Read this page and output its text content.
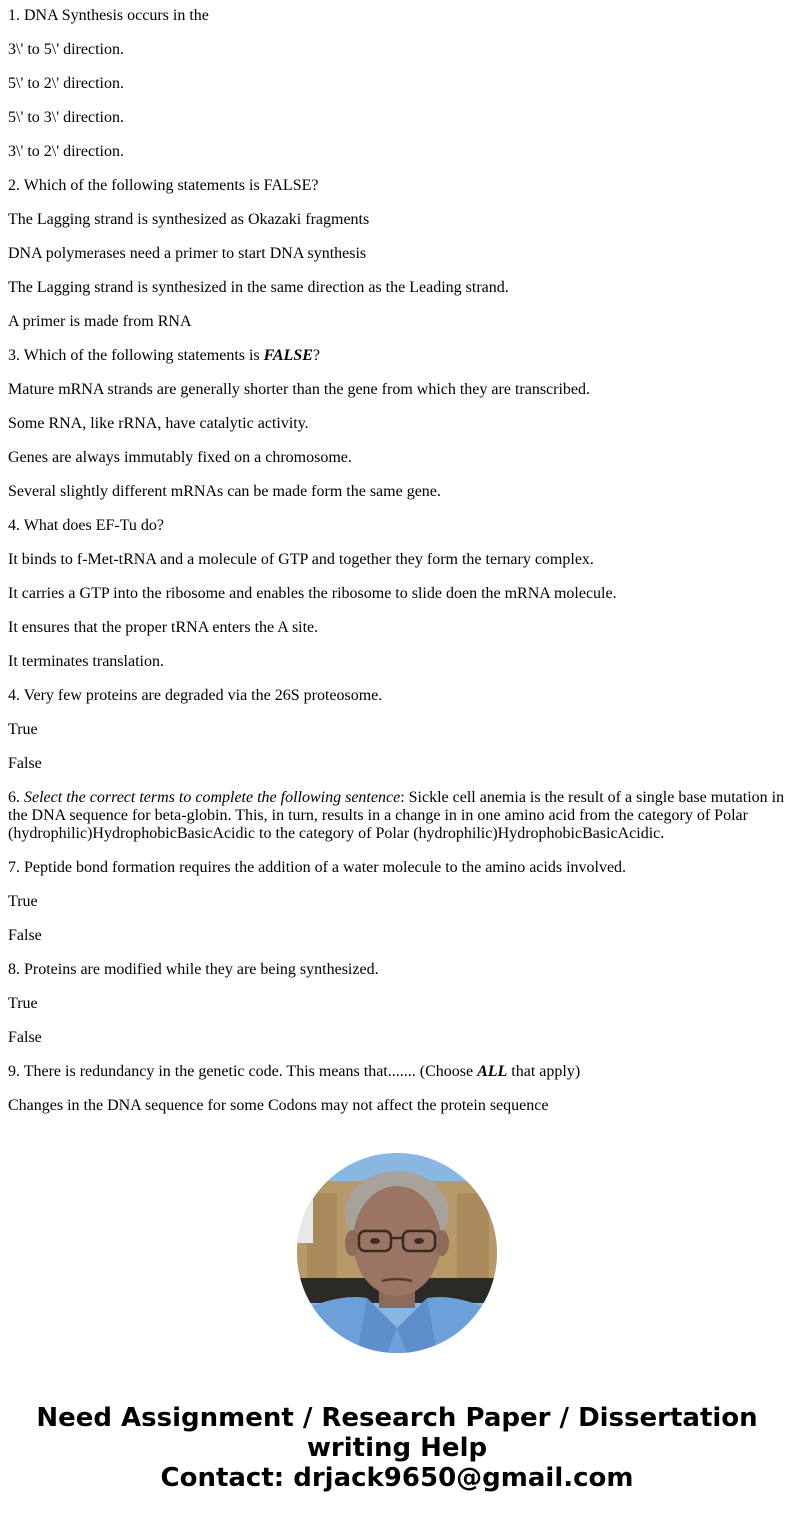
1. DNA Synthesis occurs in the

3\' to 5\' direction.

5\' to 2\' direction.

5\' to 3\' direction.

3\' to 2\' direction.

2. Which of the following statements is FALSE?

The Lagging strand is synthesized as Okazaki fragments

DNA polymerases need a primer to start DNA synthesis

The Lagging strand is synthesized in the same direction as the Leading strand.

A primer is made from RNA

3. Which of the following statements is FALSE?

Mature mRNA strands are generally shorter than the gene from which they are transcribed.

Some RNA, like rRNA, have catalytic activity.

Genes are always immutably fixed on a chromosome.

Several slightly different mRNAs can be made form the same gene.

4. What does EF-Tu do?

It binds to f-Met-tRNA and a molecule of GTP and together they form the ternary complex.

It carries a GTP into the ribosome and enables the ribosome to slide doen the mRNA molecule.

It ensures that the proper tRNA enters the A site.

It terminates translation.

4. Very few proteins are degraded via the 26S proteosome.

True

False

6. Select the correct terms to complete the following sentence: Sickle cell anemia is the result of a single base mutation in the DNA sequence for beta-globin. This, in turn, results in a change in in one amino acid from the category of Polar (hydrophilic)HydrophobicBasicAcidic to the category of Polar (hydrophilic)HydrophobicBasicAcidic.

7. Peptide bond formation requires the addition of a water molecule to the amino acids involved.

True

False

8. Proteins are modified while they are being synthesized.

True

False

9. There is redundancy in the genetic code. This means that....... (Choose ALL that apply)

Changes in the DNA sequence for some Codons may not affect the protein sequence

Need Assignment / Research Paper / Dissertation
writing Help
Contact: drjack9650@gmail.com
